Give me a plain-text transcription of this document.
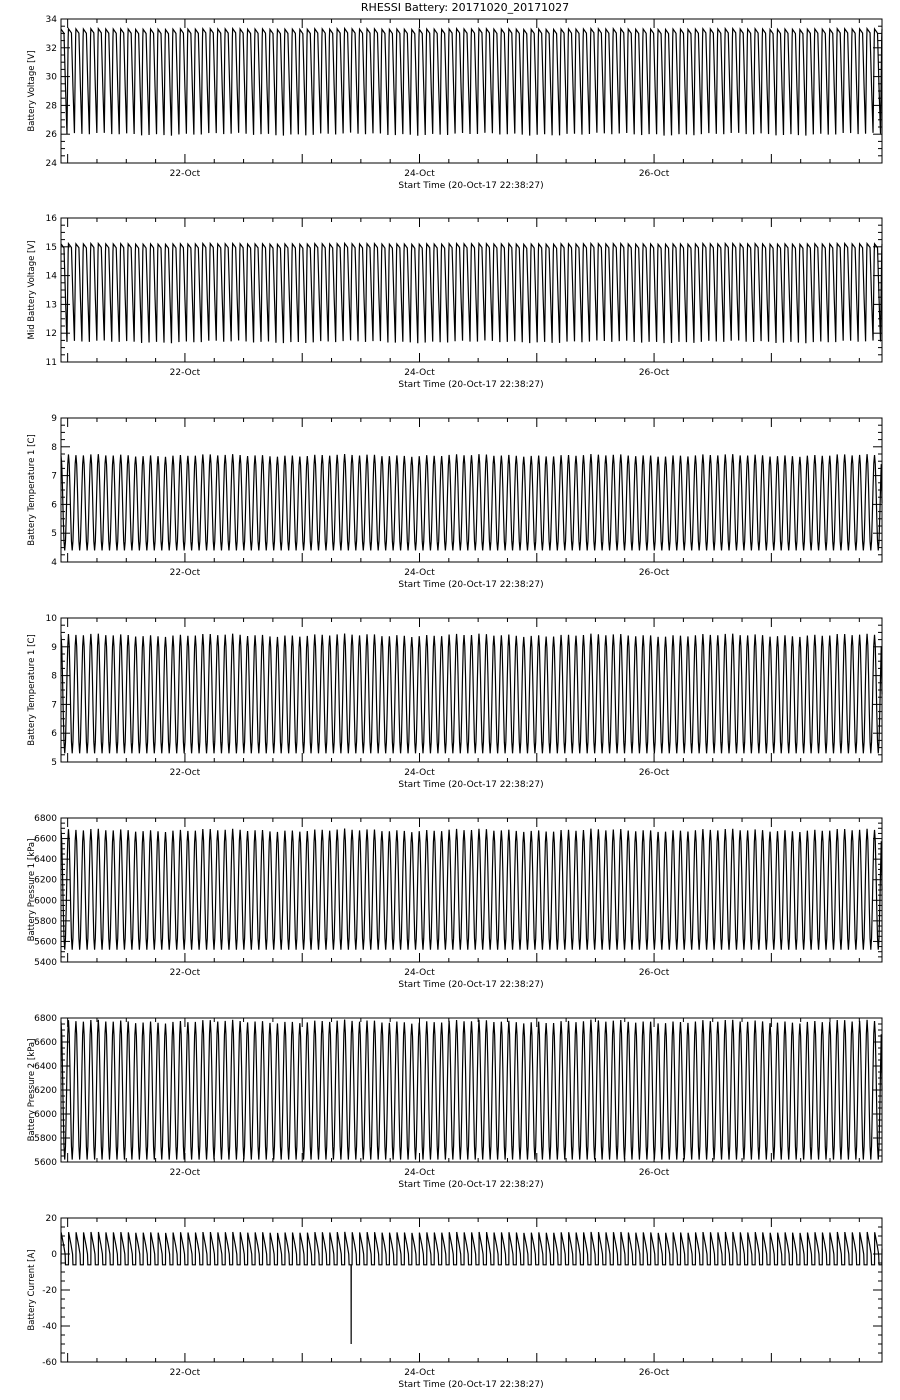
RHESSI Battery: 20171020_20171027
24
26
28
30
32
34
22-Oct	24-Oct	26-Oct
Start Time (20-Oct-17 22:38:27)
Battery Voltage [V]
11
12
13
14
15
16
22-Oct	24-Oct	26-Oct
Start Time (20-Oct-17 22:38:27)
Mid Battery Voltage [V]
4
5
6
7
8
9
22-Oct	24-Oct	26-Oct
Start Time (20-Oct-17 22:38:27)
Battery Temperature 1 [C]
5
6
7
8
9
10
22-Oct	24-Oct	26-Oct
Start Time (20-Oct-17 22:38:27)
Battery Temperature 1 [C]
5400
5600
5800
6000
6200
6400
6600
6800
22-Oct	24-Oct	26-Oct
Start Time (20-Oct-17 22:38:27)
Battery Pressure 1 [kPa]
5600
5800
6000
6200
6400
6600
6800
22-Oct	24-Oct	26-Oct
Start Time (20-Oct-17 22:38:27)
Battery Pressure 2 [kPa]
-60
-40
-20
0
20
22-Oct	24-Oct	26-Oct
Start Time (20-Oct-17 22:38:27)
Battery Current [A]
